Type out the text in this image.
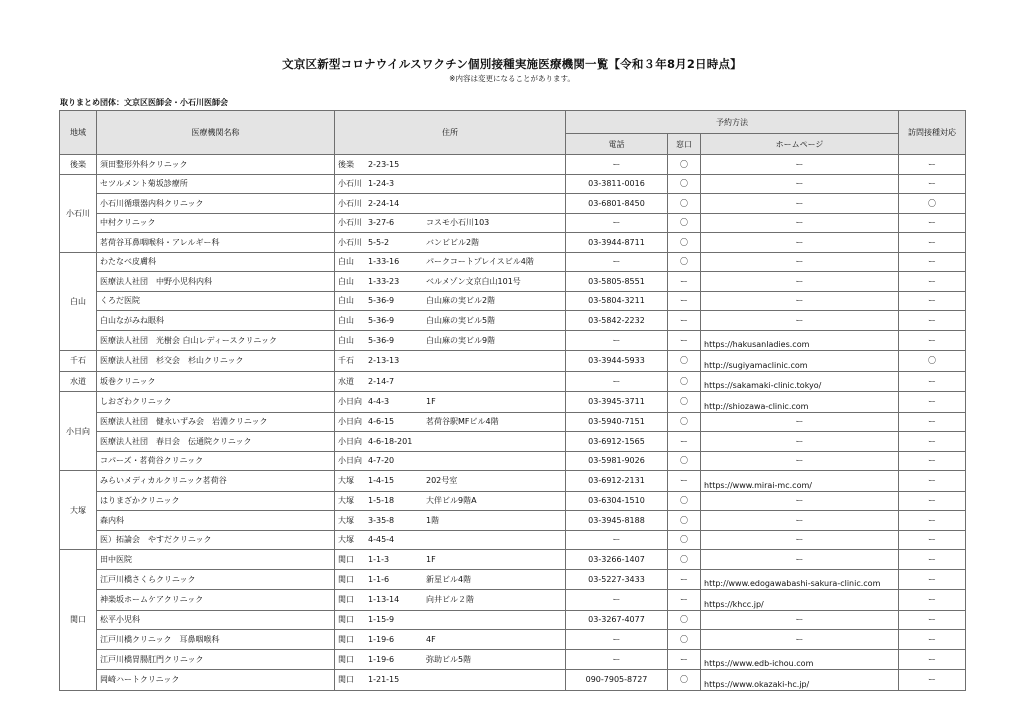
文京区新型コロナウイルスワクチン個別接種実施医療機関一覧【令和３年8月2日時点】
※内容は変更になることがあります。
取りまとめ団体：文京区医師会・小石川医師会
地域	医療機関名称	住所	予約方法			訪問接種対応
			電話	窓口	ホームページ	
後楽	須田整形外科クリニック	後楽 2-23-15	ー	〇	ー	ー
小石川	セツルメント菊坂診療所	小石川 1-24-3	03-3811-0016	〇	ー	ー
	小石川循環器内科クリニック	小石川 2-24-14	03-6801-8450	〇	ー	〇
	中村クリニック	小石川 3-27-6 コスモ小石川103	ー	〇	ー	ー
	茗荷谷耳鼻咽喉科・アレルギー科	小石川 5-5-2 バンビビル2階	03-3944-8711	〇	ー	ー
白山	わたなべ皮膚科	白山 1-33-16 パークコートプレイスビル4階	ー	〇	ー	ー
	医療法人社団　中野小児科内科	白山 1-33-23 ベルメゾン文京白山101号	03-5805-8551	ー	ー	ー
	くろだ医院	白山 5-36-9 白山麻の実ビル2階	03-5804-3211	ー	ー	ー
	白山ながみね眼科	白山 5-36-9 白山麻の実ビル5階	03-5842-2232	ー	ー	ー
	医療法人社団　光樹会 白山レディースクリニック	白山 5-36-9 白山麻の実ビル9階	ー	ー	https://hakusanladies.com	ー
千石	医療法人社団　杉交会　杉山クリニック	千石 2-13-13	03-3944-5933	〇	http://sugiyamaclinic.com	〇
水道	坂巻クリニック	水道 2-14-7	ー	〇	https://sakamaki-clinic.tokyo/	ー
小日向	しおざわクリニック	小日向 4-4-3 1F	03-3945-3711	〇	http://shiozawa-clinic.com	ー
	医療法人社団　健永いずみ会　岩淵クリニック	小日向 4-6-15 茗荷谷駅MFビル4階	03-5940-7151	〇	ー	ー
	医療法人社団　春日会　伝通院クリニック	小日向 4-6-18-201	03-6912-1565	ー	ー	ー
	コパーズ・茗荷谷クリニック	小日向 4-7-20	03-5981-9026	〇	ー	ー
大塚	みらいメディカルクリニック茗荷谷	大塚 1-4-15 202号室	03-6912-2131	ー	https://www.mirai-mc.com/	ー
	はりまざかクリニック	大塚 1-5-18 大伴ビル9階A	03-6304-1510	〇	ー	ー
	森内科	大塚 3-35-8 1階	03-3945-8188	〇	ー	ー
	医）拓論会　やすだクリニック	大塚 4-45-4	ー	〇	ー	ー
関口	田中医院	関口 1-1-3 1F	03-3266-1407	〇	ー	ー
	江戸川橋さくらクリニック	関口 1-1-6 新星ビル4階	03-5227-3433	ー	http://www.edogawabashi-sakura-clinic.com	ー
	神楽坂ホームケアクリニック	関口 1-13-14 向井ビル２階	ー	ー	https://khcc.jp/	ー
	松平小児科	関口 1-15-9	03-3267-4077	〇	ー	ー
	江戸川橋クリニック　耳鼻咽喉科	関口 1-19-6 4F	ー	〇	ー	ー
	江戸川橋胃腸肛門クリニック	関口 1-19-6 弥助ビル5階	ー	ー	https://www.edb-ichou.com	ー
	岡崎ハートクリニック	関口 1-21-15	090-7905-8727	〇	https://www.okazaki-hc.jp/	ー
